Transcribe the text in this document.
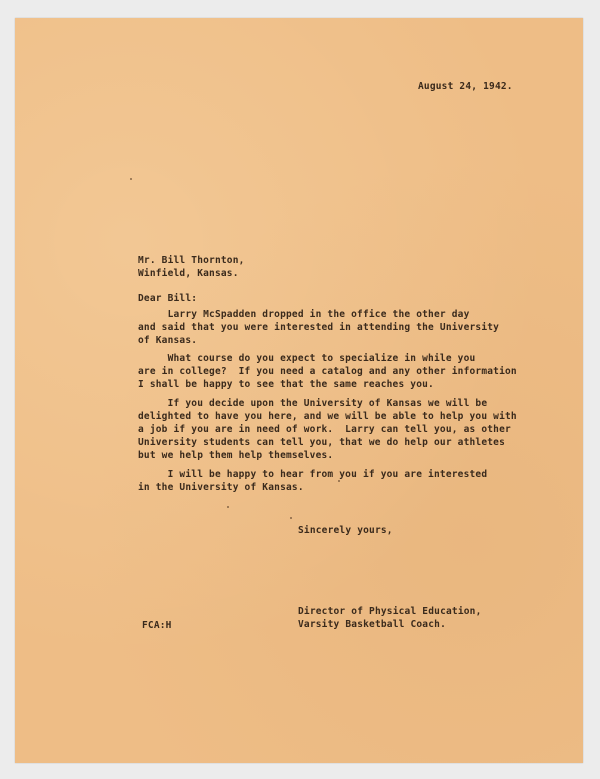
August 24, 1942.
Mr. Bill Thornton,
Winfield, Kansas.
Dear Bill:
Larry McSpadden dropped in the office the other day
and said that you were interested in attending the University
of Kansas.
What course do you expect to specialize in while you
are in college?  If you need a catalog and any other information
I shall be happy to see that the same reaches you.
If you decide upon the University of Kansas we will be
delighted to have you here, and we will be able to help you with
a job if you are in need of work.  Larry can tell you, as other
University students can tell you, that we do help our athletes
but we help them help themselves.
I will be happy to hear from you if you are interested
in the University of Kansas.
Sincerely yours,
FCA:H
Director of Physical Education,
Varsity Basketball Coach.
